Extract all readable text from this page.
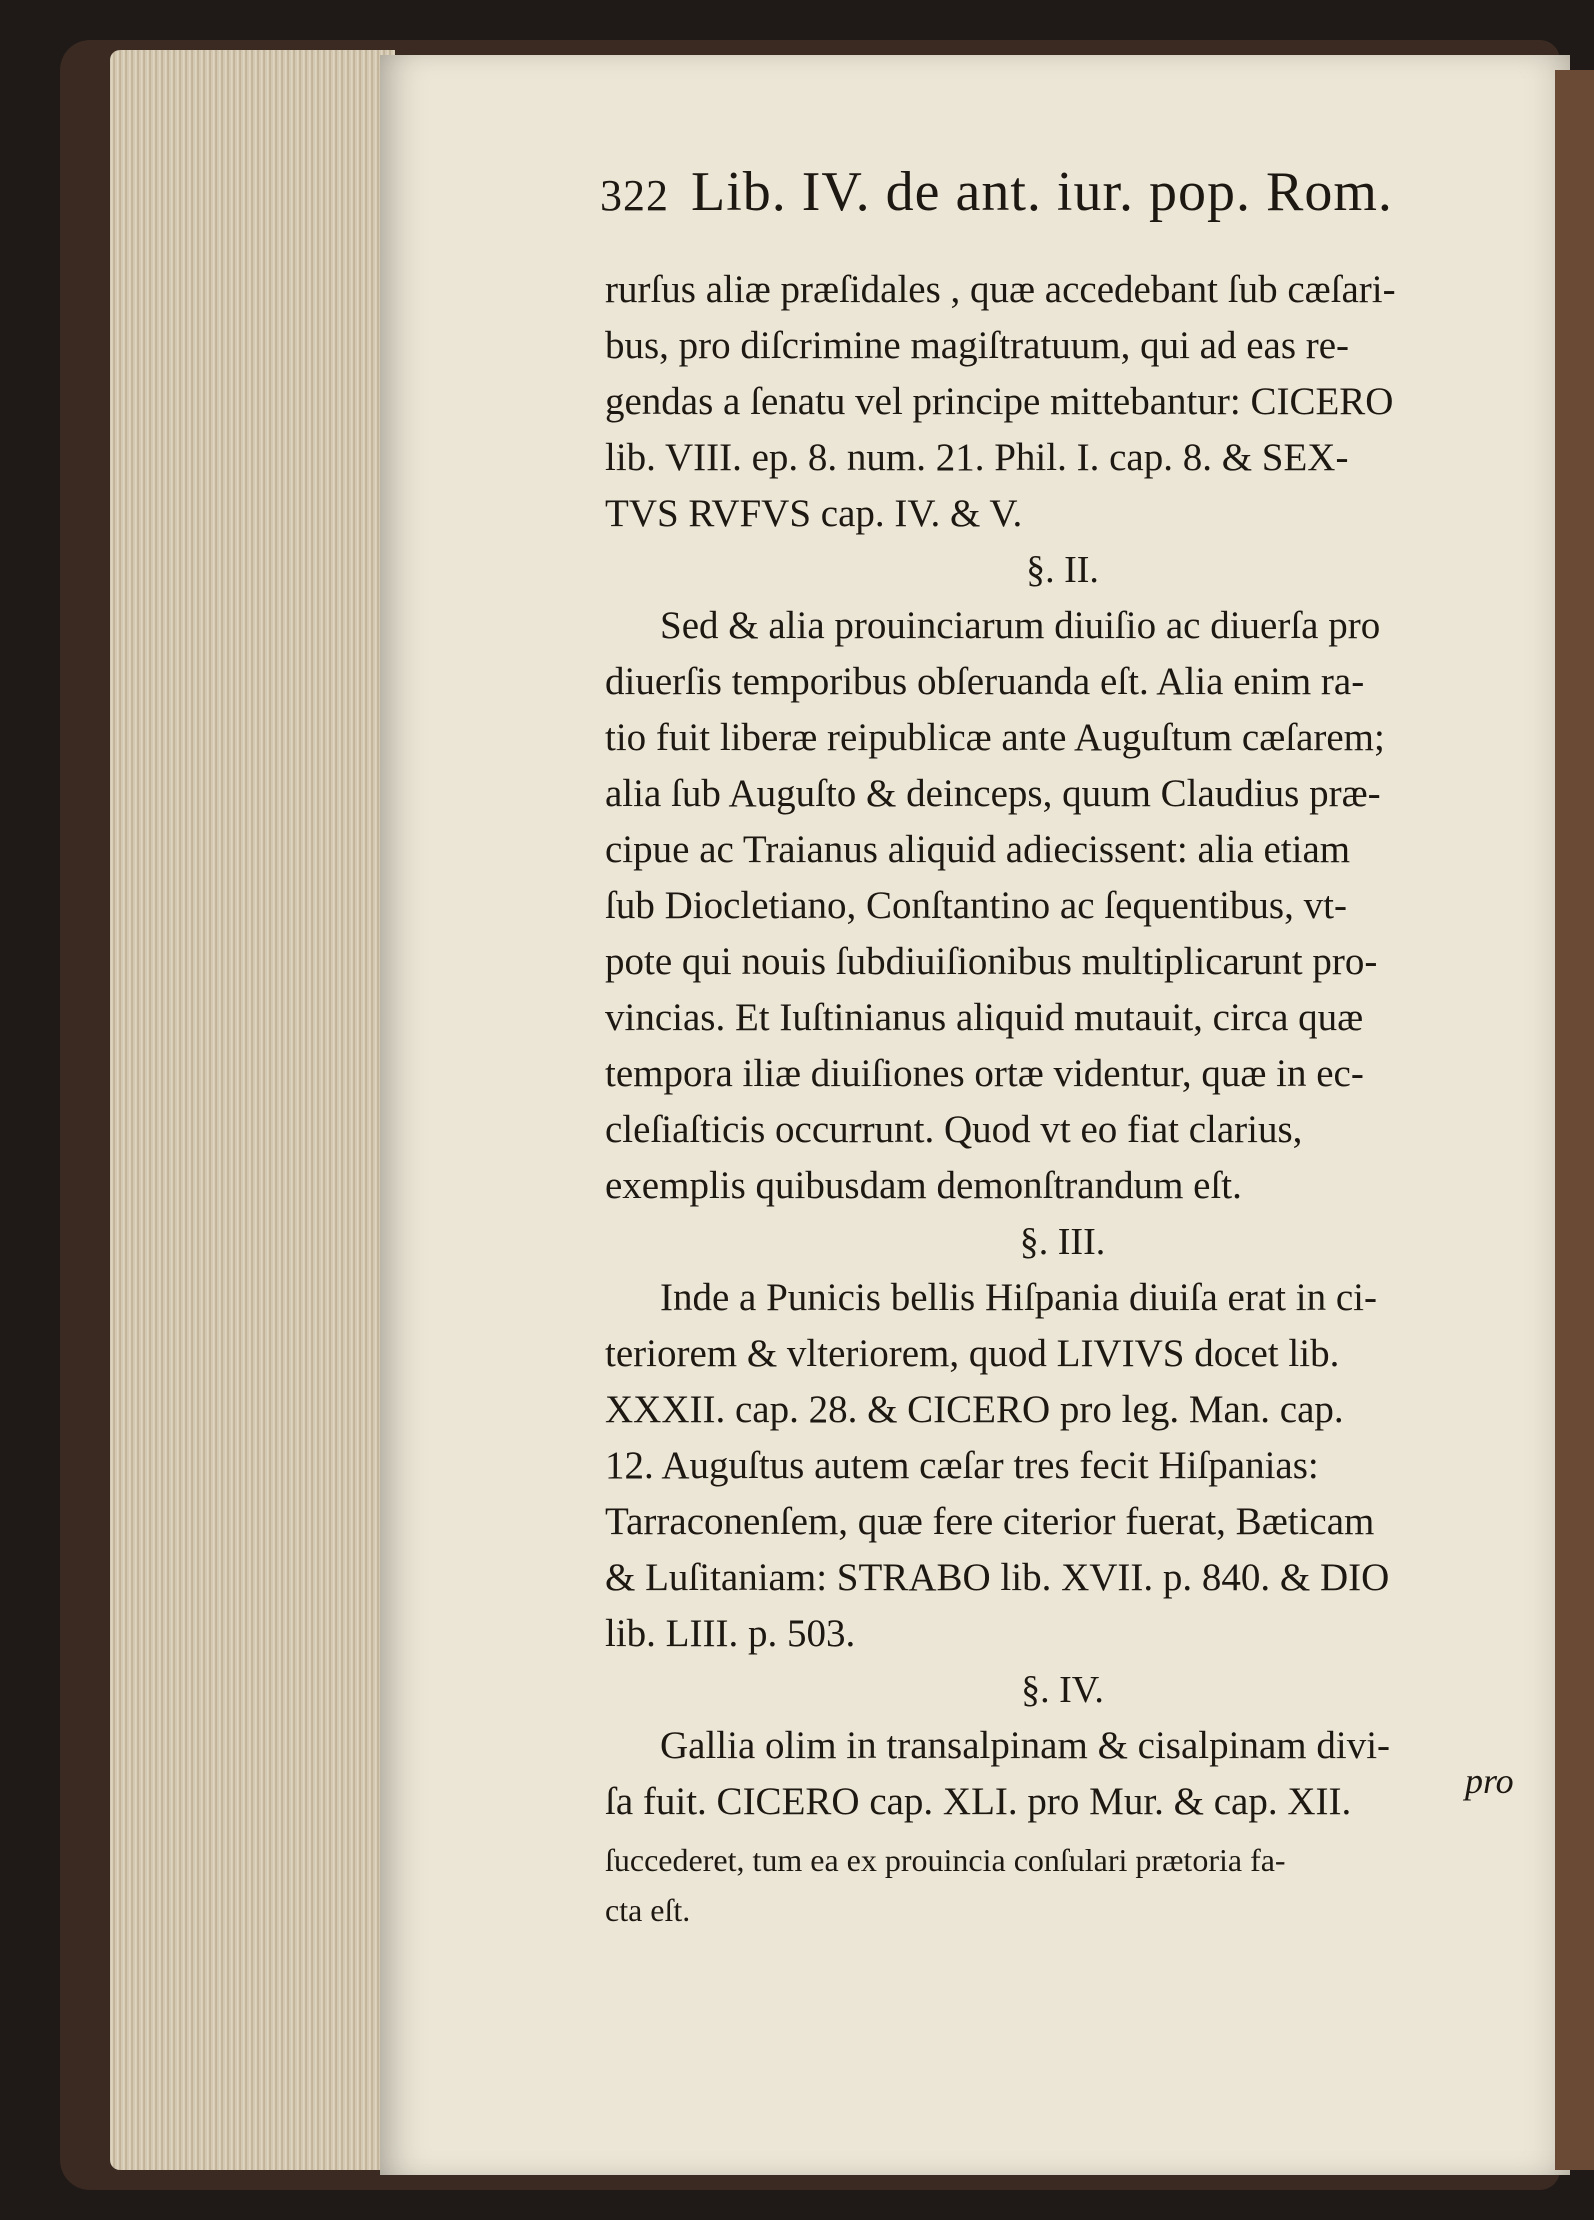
322 Lib. IV. de ant. iur. pop. Rom.
rurſus aliæ præſidales , quæ accedebant ſub cæſari-
bus, pro diſcrimine magiſtratuum, qui ad eas re-
gendas a ſenatu vel principe mittebantur: CICERO
lib. VIII. ep. 8. num. 21. Phil. I. cap. 8. & SEX-
TVS RVFVS cap. IV. & V.
§. II.
Sed & alia prouinciarum diuiſio ac diuerſa pro
diuerſis temporibus obſeruanda eſt. Alia enim ra-
tio fuit liberæ reipublicæ ante Auguſtum cæſarem;
alia ſub Auguſto & deinceps, quum Claudius præ-
cipue ac Traianus aliquid adiecissent: alia etiam
ſub Diocletiano, Conſtantino ac ſequentibus, vt-
pote qui nouis ſubdiuiſionibus multiplicarunt pro-
vincias. Et Iuſtinianus aliquid mutauit, circa quæ
tempora iliæ diuiſiones ortæ videntur, quæ in ec-
cleſiaſticis occurrunt. Quod vt eo fiat clarius,
exemplis quibusdam demonſtrandum eſt.
§. III.
Inde a Punicis bellis Hiſpania diuiſa erat in ci-
teriorem & vlteriorem, quod LIVIVS docet lib.
XXXII. cap. 28. & CICERO pro leg. Man. cap.
12. Auguſtus autem cæſar tres fecit Hiſpanias:
Tarraconenſem, quæ fere citerior fuerat, Bæticam
& Luſitaniam: STRABO lib. XVII. p. 840. & DIO
lib. LIII. p. 503.
§. IV.
Gallia olim in transalpinam & cisalpinam divi-
ſa fuit. CICERO cap. XLI. pro Mur. & cap. XII.	pro
ſuccederet, tum ea ex prouincia conſulari prætoria fa-
cta eſt.
